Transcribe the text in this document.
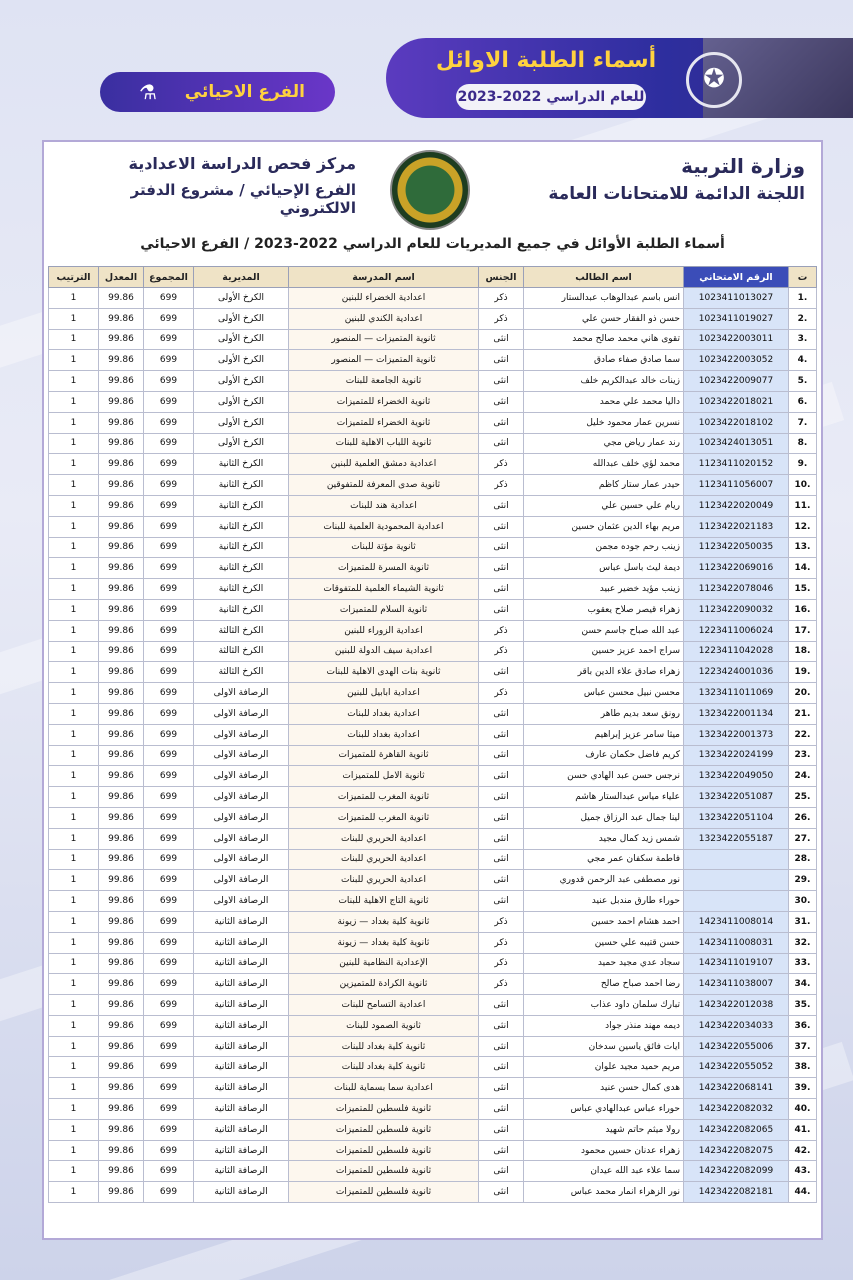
أسماء الطلبة الاوائل
للعام الدراسي 2022-2023
✪
⚗ الفرع الاحيائي
وزارة التربية
اللجنة الدائمة للامتحانات العامة
مركز فحص الدراسة الاعدادية
الفرع الإحيائي / مشروع الدفتر الالكتروني
أسماء الطلبة الأوائل في جميع المديريات للعام الدراسي 2022-2023 / الفرع الاحيائي
ت	الرقم الامتحاني	اسم الطالب	الجنس	اسم المدرسة	المديرية	المجموع	المعدل	الترتيب
.1	1023411013027	انس باسم عبدالوهاب عبدالستار	ذكر	اعدادية الخضراء للبنين	الكرخ الأولى	699	99.86	1
.2	1023411019027	حسن ذو الفقار حسن علي	ذكر	اعدادية الكندي للبنين	الكرخ الأولى	699	99.86	1
.3	1023422003011	تقوى هاني محمد صالح محمد	انثى	ثانوية المتميزات — المنصور	الكرخ الأولى	699	99.86	1
.4	1023422003052	سما صادق صفاء صادق	انثى	ثانوية المتميزات — المنصور	الكرخ الأولى	699	99.86	1
.5	1023422009077	زينات خالد عبدالكريم خلف	انثى	ثانوية الجامعة للبنات	الكرخ الأولى	699	99.86	1
.6	1023422018021	داليا محمد علي محمد	انثى	ثانوية الخضراء للمتميزات	الكرخ الأولى	699	99.86	1
.7	1023422018102	نسرين عمار محمود خليل	انثى	ثانوية الخضراء للمتميزات	الكرخ الأولى	699	99.86	1
.8	1023424013051	رند عمار رياض مجي	انثى	ثانوية اللباب الاهلية للبنات	الكرخ الأولى	699	99.86	1
.9	1123411020152	محمد لؤي خلف عبدالله	ذكر	اعدادية دمشق العلمية للبنين	الكرخ الثانية	699	99.86	1
.10	1123411056007	حيدر عمار ستار كاظم	ذكر	ثانوية صدى المعرفة للمتفوقين	الكرخ الثانية	699	99.86	1
.11	1123422020049	ريام علي حسين علي	انثى	اعدادية هند للبنات	الكرخ الثانية	699	99.86	1
.12	1123422021183	مريم بهاء الدين عثمان حسين	انثى	اعدادية المحمودية العلمية للبنات	الكرخ الثانية	699	99.86	1
.13	1123422050035	زينب رحم جوده مجمن	انثى	ثانوية مؤتة للبنات	الكرخ الثانية	699	99.86	1
.14	1123422069016	ديمة ليث باسل عباس	انثى	ثانوية المسرة للمتميزات	الكرخ الثانية	699	99.86	1
.15	1123422078046	زينب مؤيد خضير عبيد	انثى	ثانوية الشيماء العلمية للمتفوقات	الكرخ الثانية	699	99.86	1
.16	1123422090032	زهراء قيصر صلاح يعقوب	انثى	ثانوية السلام للمتميزات	الكرخ الثانية	699	99.86	1
.17	1223411006024	عبد الله صباح جاسم حسن	ذكر	اعدادية الزوراء للبنين	الكرخ الثالثة	699	99.86	1
.18	1223411042028	سراج احمد عزيز حسين	ذكر	اعدادية سيف الدولة للبنين	الكرخ الثالثة	699	99.86	1
.19	1223424001036	زهراء صادق علاء الدين باقر	انثى	ثانوية بنات الهدى الاهلية للبنات	الكرخ الثالثة	699	99.86	1
.20	1323411011069	محسن نبيل محسن عباس	ذكر	اعدادية ابابيل للبنين	الرصافة الاولى	699	99.86	1
.21	1323422001134	رونق سعد بديم طاهر	انثى	اعدادية بغداد للبنات	الرصافة الاولى	699	99.86	1
.22	1323422001373	ميثا سامر عزيز إبراهيم	انثى	اعدادية بغداد للبنات	الرصافة الاولى	699	99.86	1
.23	1323422024199	كريم فاضل حكمان عارف	انثى	ثانوية القاهرة للمتميزات	الرصافة الاولى	699	99.86	1
.24	1323422049050	نرجس حسن عبد الهادي حسن	انثى	ثانوية الامل للمتميزات	الرصافة الاولى	699	99.86	1
.25	1323422051087	علياء مياس عبدالستار هاشم	انثى	ثانوية المغرب للمتميزات	الرصافة الاولى	699	99.86	1
.26	1323422051104	لينا جمال عبد الرزاق جميل	انثى	ثانوية المغرب للمتميزات	الرصافة الاولى	699	99.86	1
.27	1323422055187	شمس زيد كمال مجيد	انثى	اعدادية الحريري للبنات	الرصافة الاولى	699	99.86	1
.28		فاطمة سكفان عمر مجي	انثى	اعدادية الحريري للبنات	الرصافة الاولى	699	99.86	1
.29		نور مصطفى عبد الرحمن قدوري	انثى	اعدادية الحريري للبنات	الرصافة الاولى	699	99.86	1
.30		حوراء طارق مندبل عنيد	انثى	ثانوية التاج الاهلية للبنات	الرصافة الاولى	699	99.86	1
.31	1423411008014	احمد هشام احمد حسين	ذكر	ثانوية كلية بغداد — زيونة	الرصافة الثانية	699	99.86	1
.32	1423411008031	حسن قتيبه علي حسين	ذكر	ثانوية كلية بغداد — زيونة	الرصافة الثانية	699	99.86	1
.33	1423411019107	سجاد عدي مجيد حميد	ذكر	الإعدادية النظامية للبنين	الرصافة الثانية	699	99.86	1
.34	1423411038007	رضا احمد صباح صالح	ذكر	ثانوية الكرادة للمتميزين	الرصافة الثانية	699	99.86	1
.35	1423422012038	تبارك سلمان داود عذاب	انثى	اعدادية التسامح للبنات	الرصافة الثانية	699	99.86	1
.36	1423422034033	ديمه مهند منذر جواد	انثى	ثانوية الصمود للبنات	الرصافة الثانية	699	99.86	1
.37	1423422055006	ايات فائق ياسين سدخان	انثى	ثانوية كلية بغداد للبنات	الرصافة الثانية	699	99.86	1
.38	1423422055052	مريم حميد مجيد علوان	انثى	ثانوية كلية بغداد للبنات	الرصافة الثانية	699	99.86	1
.39	1423422068141	هدى كمال حسن عنيد	انثى	اعدادية سما بسماية للبنات	الرصافة الثانية	699	99.86	1
.40	1423422082032	حوراء عباس عبدالهادي عباس	انثى	ثانوية فلسطين للمتميزات	الرصافة الثانية	699	99.86	1
.41	1423422082065	رولا ميثم حاتم شهيد	انثى	ثانوية فلسطين للمتميزات	الرصافة الثانية	699	99.86	1
.42	1423422082075	زهراء عدنان حسين محمود	انثى	ثانوية فلسطين للمتميزات	الرصافة الثانية	699	99.86	1
.43	1423422082099	سما علاء عبد الله عيدان	انثى	ثانوية فلسطين للمتميزات	الرصافة الثانية	699	99.86	1
.44	1423422082181	نور الزهراء انمار محمد عباس	انثى	ثانوية فلسطين للمتميزات	الرصافة الثانية	699	99.86	1
